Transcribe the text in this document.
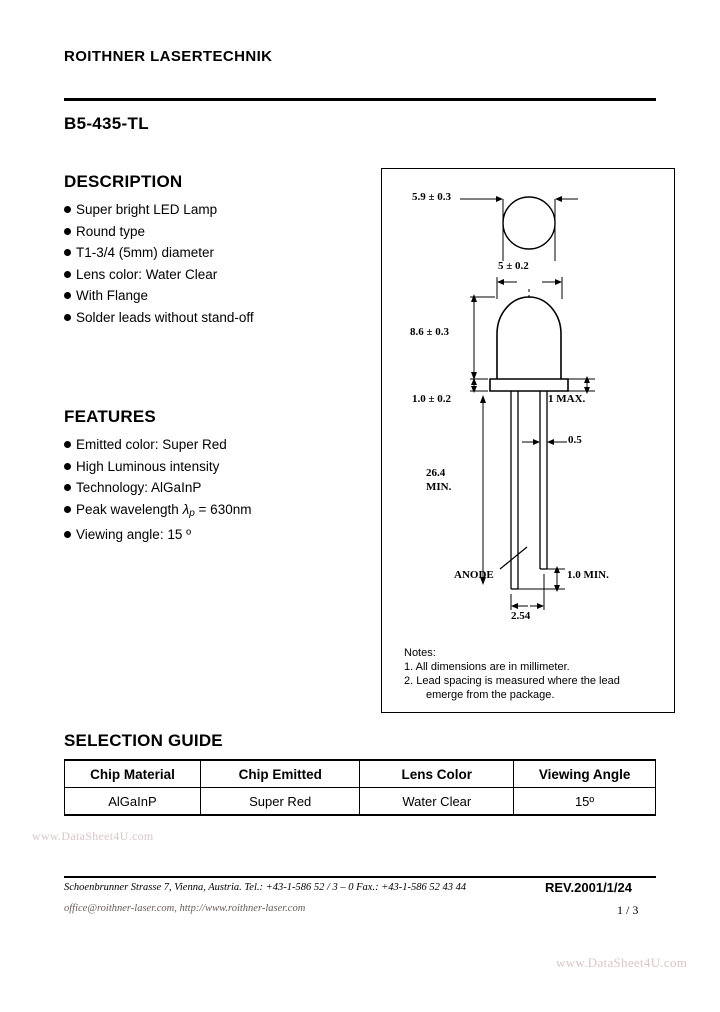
ROITHNER LASERTECHNIK
B5-435-TL
DESCRIPTION
Super bright LED Lamp
Round type
T1-3/4 (5mm) diameter
Lens color: Water Clear
With Flange
Solder leads without stand-off
FEATURES
Emitted color: Super Red
High Luminous intensity
Technology: AlGaInP
Peak wavelength $\lambda_p = 630nm$
Viewing angle: 15 º
5.9 ± 0.3
5 ± 0.2
8.6 ± 0.3
1.0 ± 0.2	1 MAX.
0.5
26.4
MIN.
ANODE	1.0 MIN.
2.54
Notes:
1. All dimensions are in millimeter.
2. Lead spacing is measured where the lead
emerge from the package.
SELECTION GUIDE
Chip Material	Chip Emitted	Lens Color	Viewing Angle
AlGaInP	Super Red	Water Clear	15º
www.DataSheet4U.com
Schoenbrunner Strasse 7, Vienna, Austria. Tel.: +43-1-586 52 / 3 – 0 Fax.: +43-1-586 52 43 44
office@roithner-laser.com, http://www.roithner-laser.com
REV.2001/1/24
1 / 3
www.DataSheet4U.com
